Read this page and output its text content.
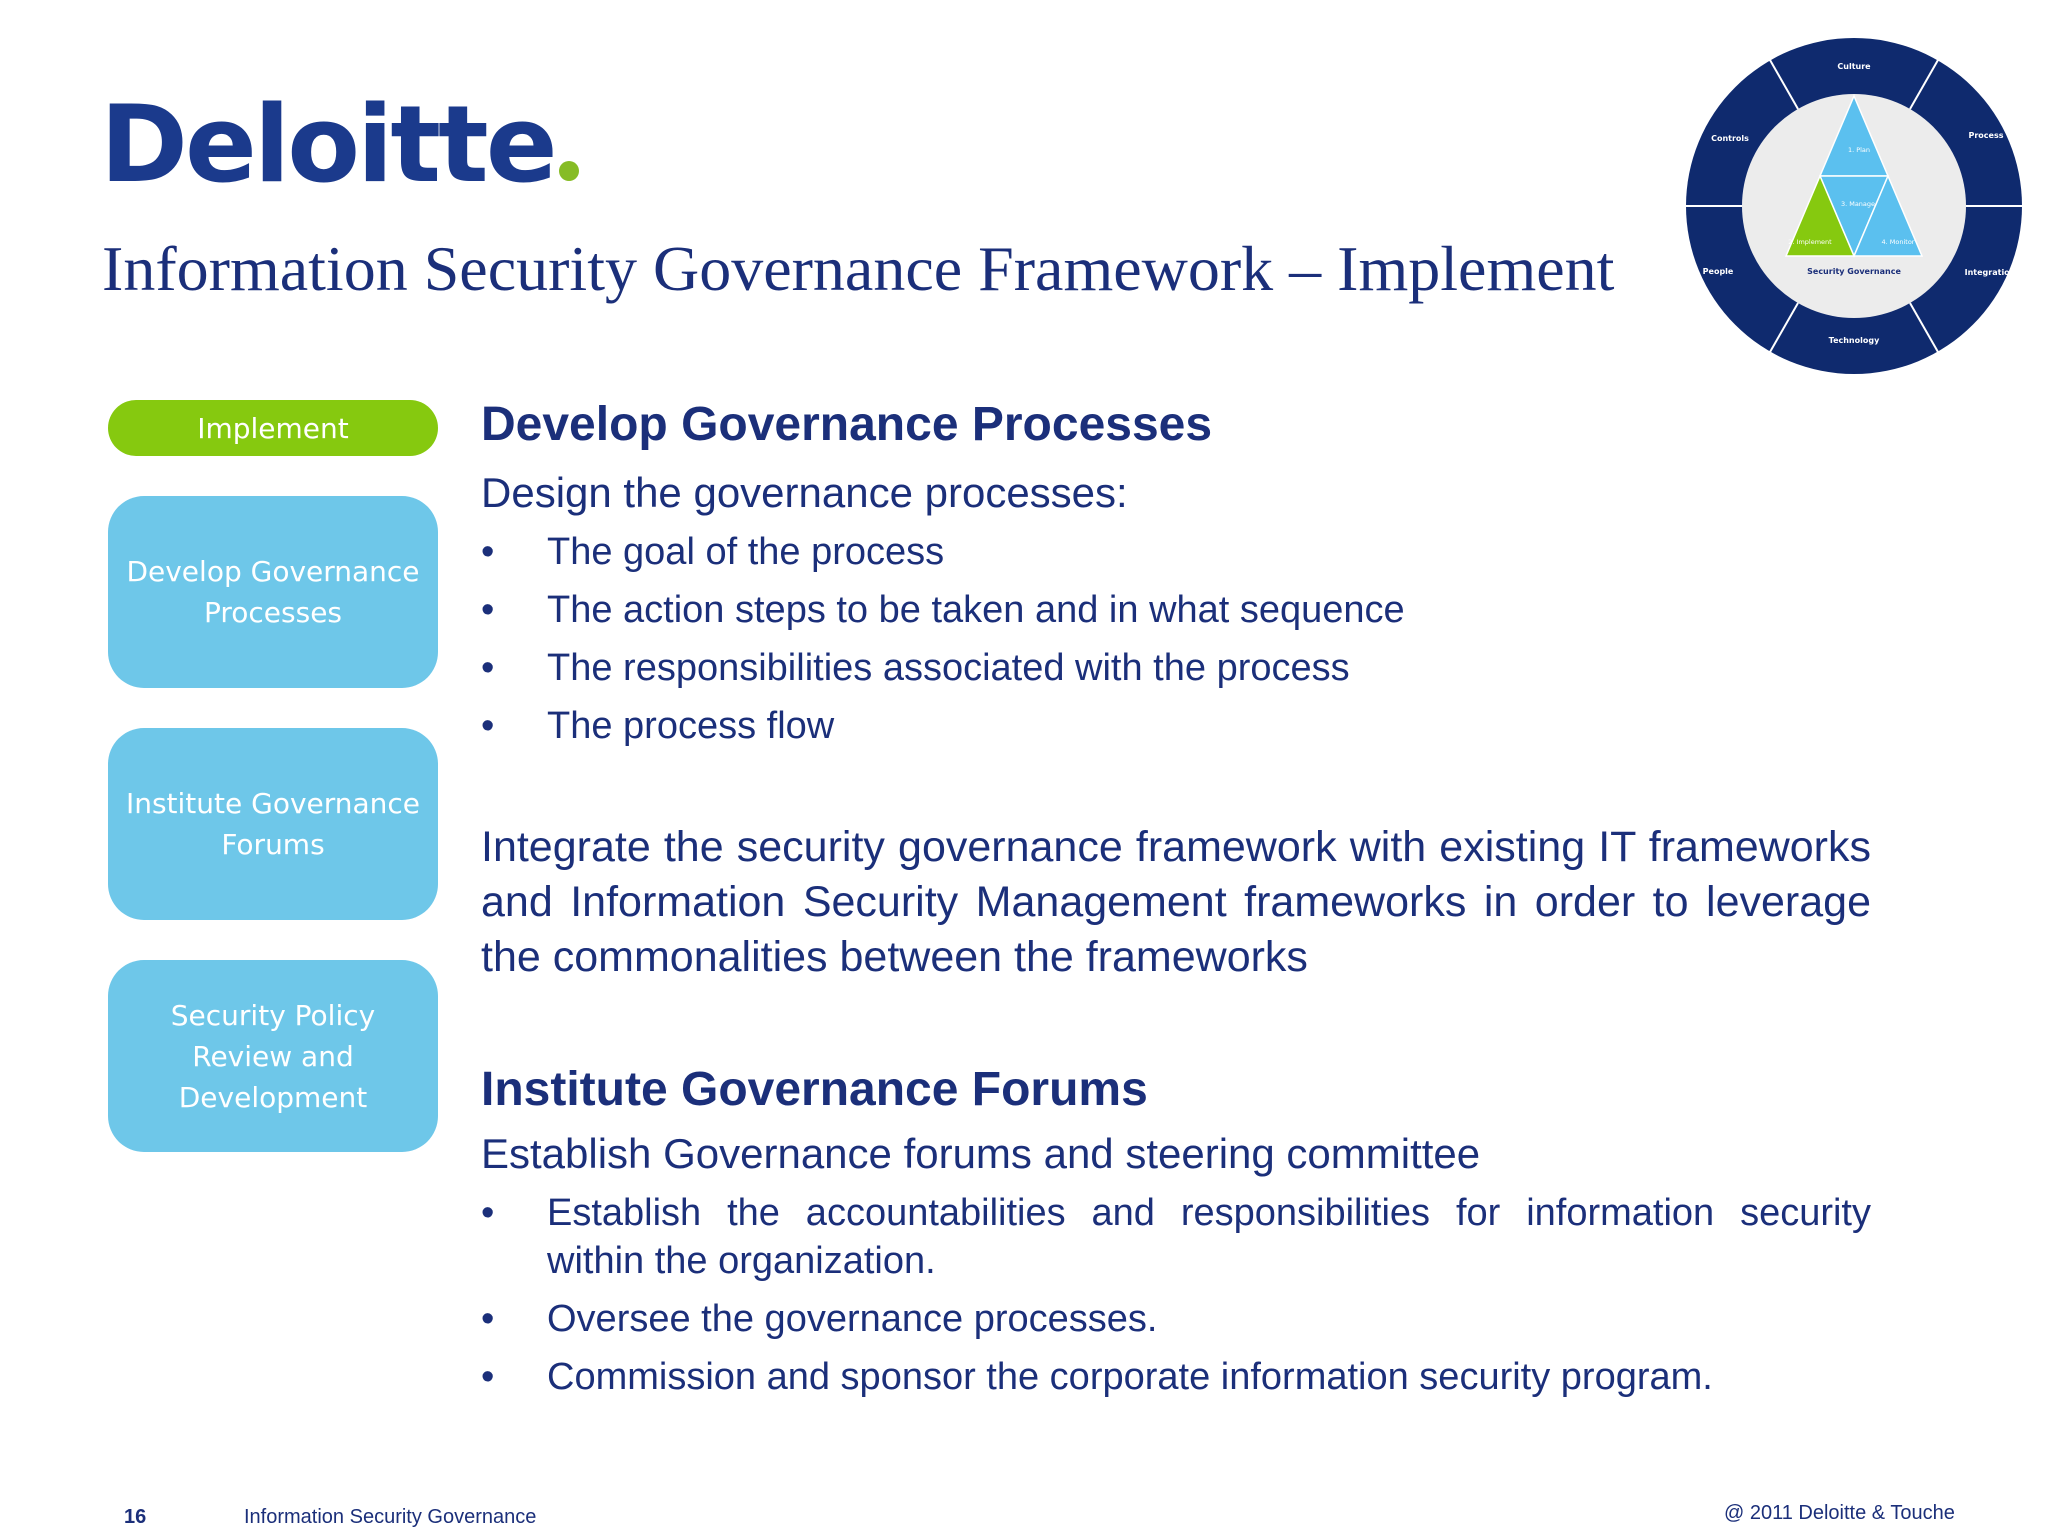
Deloitte
Information Security Governance Framework – Implement
Culture
Process
Integration
Technology
People
Controls
1. Plan
2. Implement
3. Manage
4. Monitor
Security Governance
Implement
Develop Governance
Processes
Institute Governance
Forums
Security Policy
Review and
Development
Develop Governance Processes

Design the governance processes:

• The goal of the process
• The action steps to be taken and in what sequence
• The responsibilities associated with the process
• The process flow

Integrate the security governance framework with existing IT frameworks and Information Security Management frameworks in order to leverage the commonalities between the frameworks

Institute Governance Forums

Establish Governance forums and steering committee

• Establish the accountabilities and responsibilities for information security within the organization.
• Oversee the governance processes.
• Commission and sponsor the corporate information security program.
16	Information Security Governance	@ 2011 Deloitte & Touche
